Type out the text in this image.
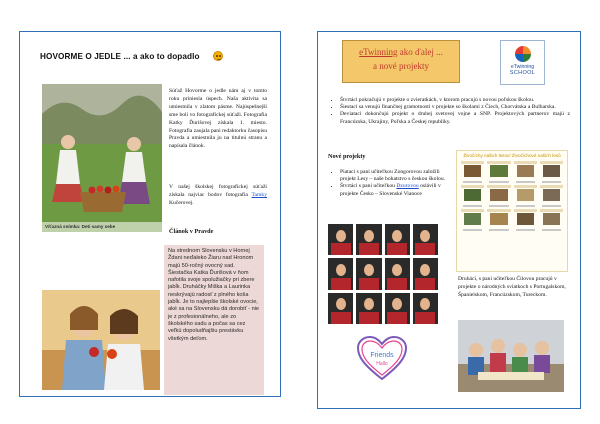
HOVORME O JEDLE ... a ako to dopadlo
Víťazná snímka: Deti samy sebe
Súťaž Hovorme o jedle nám aj v tomto roku priniesla úspech. Naša aktivita sa umiestnila v zlatom pásme. Najúspešnejší sme boli vo fotografickej súťaži. Fotografia Katky Ďurišovej získala 1. miesto. Fotografia zaujala pani redaktorku časopisu Pravda a umiestnila ju na titulnú stranu a napísala článok.
V našej školskej fotografickej súťaži získala najviac bodov fotografia Tamky Kučerovej.
Článok v Pravde
Na strednom Slovensku v Hornej Ždani neďaleko Žiaru nad Hronom majú 50-ročný ovocný sad. Šiestačka Katka Ďurišová v ňom nafotila svoje spolužiačky pri zbere jabĺk. Druháčky Miška a Laurinka neskrývajú radosť z plného koša jabĺk. Je to najlepšie školské ovocie, aké sa na Slovensku dá dorobiť - nie je z profesionálneho, ale zo školského sadu a počas sa cez veľkú dopoludňajšiu prestávku všetkým deťom.
eTwinning ako ďalej ...
a nové projekty	eTwinning
SCHOOL
• Štvrtáci pokračujú v projekte o zvieratkách, v ktorom pracujú s novou poľskou školou.
• Šiestaci sa venujú finančnej gramotnosti v projekte so školami z Čiech, Chorvátska a Bulharska.
• Deviataci dokončujú projekt o druhej svetovej vojne a SNP. Projektových partnerov majú z Francúzska, Ukrajiny, Poľska a Českej republiky.
Nové projekty
• Piataci s pani učiteľkou Zongorovou založili projekt Lesy – naše bohatstvo s českou školou.
• Štvrtáci s pani učiteľkou Dzurovou oslávili v projekte Česko – Slovenské Vianoce
Živočíchy našich lesov/ Živočíchové našich lesů
Friends
Hallo
Druháci, s pani učiteľkou Čilovou pracujú v projekte o národných sviatkoch s Portugalskom, Španielskom, Francúzskom, Tureckom.
